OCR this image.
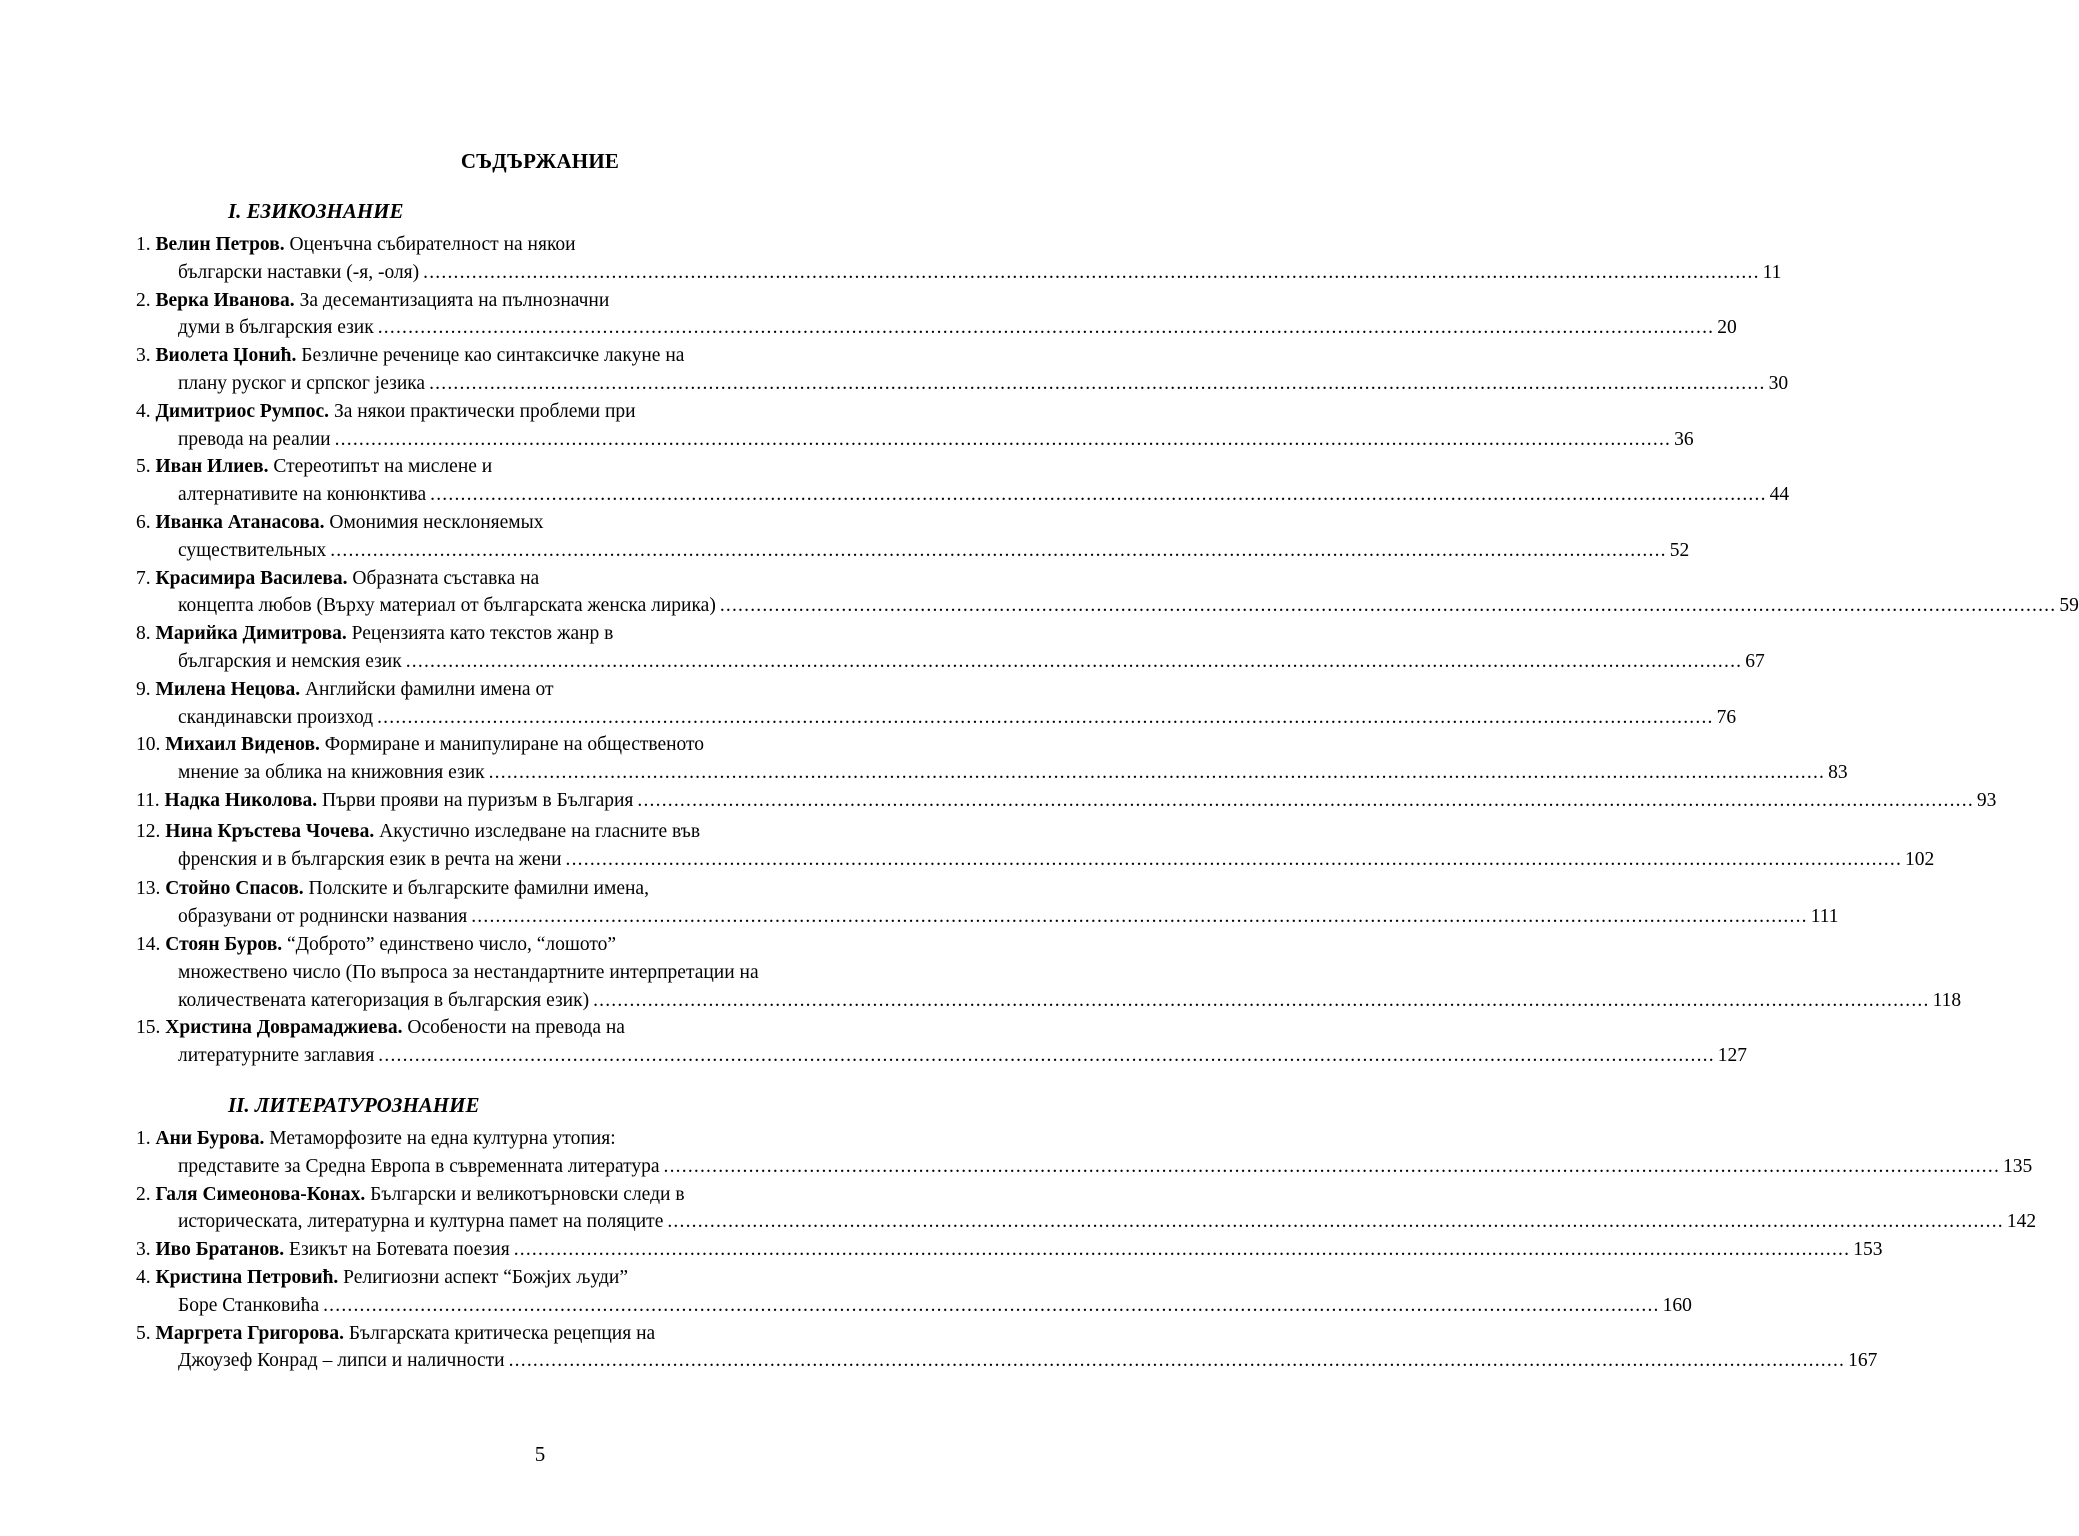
СЪДЪРЖАНИЕ
I. ЕЗИКОЗНАНИЕ
1. Велин Петров. Оценъчна събирателност на някои
български наставки (-я, -оля) ............................................................................................................................................................................................................................ 11
2. Верка Иванова. За десемантизацията на пълнозначни
думи в българския език ............................................................................................................................................................................................................................ 20
3. Виолета Џонић. Безличне реченице као синтаксичке лакуне на
плану руског и српског језика ............................................................................................................................................................................................................................ 30
4. Димитриос Румпос. За някои практически проблеми при
превода на реалии ............................................................................................................................................................................................................................ 36
5. Иван Илиев. Стереотипът на мислене и
алтернативите на конюнктива ............................................................................................................................................................................................................................ 44
6. Иванка Атанасова. Омонимия несклоняемых
существительных ............................................................................................................................................................................................................................ 52
7. Красимира Василева. Образната съставка на
концепта любов (Върху материал от българската женска лирика) ............................................................................................................................................................................................................................ 59
8. Марийка Димитрова. Рецензията като текстов жанр в
българския и немския език ............................................................................................................................................................................................................................ 67
9. Милена Нецова. Английски фамилни имена от
скандинавски произход ............................................................................................................................................................................................................................ 76
10. Михаил Виденов. Формиране и манипулиране на общественото
мнение за облика на книжовния език ............................................................................................................................................................................................................................ 83
11. Надка Николова. Първи прояви на пуризъм в България ............................................................................................................................................................................................................................ 93
12. Нина Кръстева Чочева. Акустично изследване на гласните във
френския и в българския език в речта на жени ............................................................................................................................................................................................................................ 102
13. Стойно Спасов. Полските и българските фамилни имена,
образувани от роднински названия ............................................................................................................................................................................................................................ 111
14. Стоян Буров. “Доброто” единствено число, “лошото”
множествено число (По въпроса за нестандартните интерпретации на
количествената категоризация в българския език) ............................................................................................................................................................................................................................ 118
15. Христина Доврамаджиева. Особености на превода на
литературните заглавия ............................................................................................................................................................................................................................ 127
II. ЛИТЕРАТУРОЗНАНИЕ
1. Ани Бурова. Метаморфозите на една културна утопия:
представите за Средна Европа в съвременната литература ............................................................................................................................................................................................................................ 135
2. Галя Симеонова-Конах. Български и великотърновски следи в
историческата, литературна и културна памет на поляците ............................................................................................................................................................................................................................ 142
3. Иво Братанов. Езикът на Ботевата поезия ............................................................................................................................................................................................................................ 153
4. Кристина Петровић. Религиозни аспект “Божјих људи”
Боре Станковића ............................................................................................................................................................................................................................ 160
5. Маргрета Григорова. Българската критическа рецепция на
Джоузеф Конрад – липси и наличности ............................................................................................................................................................................................................................ 167
5
